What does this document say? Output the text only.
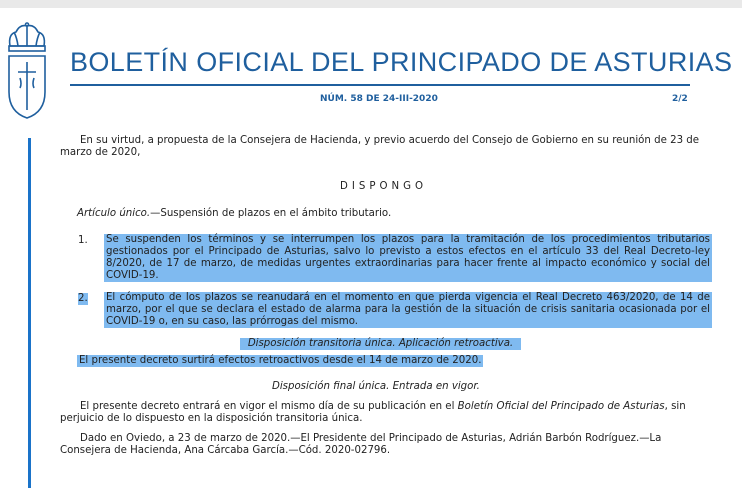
BOLETÍN OFICIAL DEL PRINCIPADO DE ASTURIAS
NÚM. 58 DE 24-III-2020	2/2
En su virtud, a propuesta de la Consejera de Hacienda, y previo acuerdo del Consejo de Gobierno en su reunión de 23 de marzo de 2020,
DISPONGO
Artículo único.—Suspensión de plazos en el ámbito tributario.
1. Se suspenden los términos y se interrumpen los plazos para la tramitación de los procedimientos tributarios gestionados por el Principado de Asturias, salvo lo previsto a estos efectos en el artículo 33 del Real Decreto-ley 8/2020, de 17 de marzo, de medidas urgentes extraordinarias para hacer frente al impacto económico y social del COVID-19.
2. El cómputo de los plazos se reanudará en el momento en que pierda vigencia el Real Decreto 463/2020, de 14 de marzo, por el que se declara el estado de alarma para la gestión de la situación de crisis sanitaria ocasionada por el COVID-19 o, en su caso, las prórrogas del mismo.
Disposición transitoria única. Aplicación retroactiva.
El presente decreto surtirá efectos retroactivos desde el 14 de marzo de 2020.
Disposición final única. Entrada en vigor.
El presente decreto entrará en vigor el mismo día de su publicación en el Boletín Oficial del Principado de Asturias, sin perjuicio de lo dispuesto en la disposición transitoria única.
Dado en Oviedo, a 23 de marzo de 2020.—El Presidente del Principado de Asturias, Adrián Barbón Rodríguez.—La Consejera de Hacienda, Ana Cárcaba García.—Cód. 2020-02796.
